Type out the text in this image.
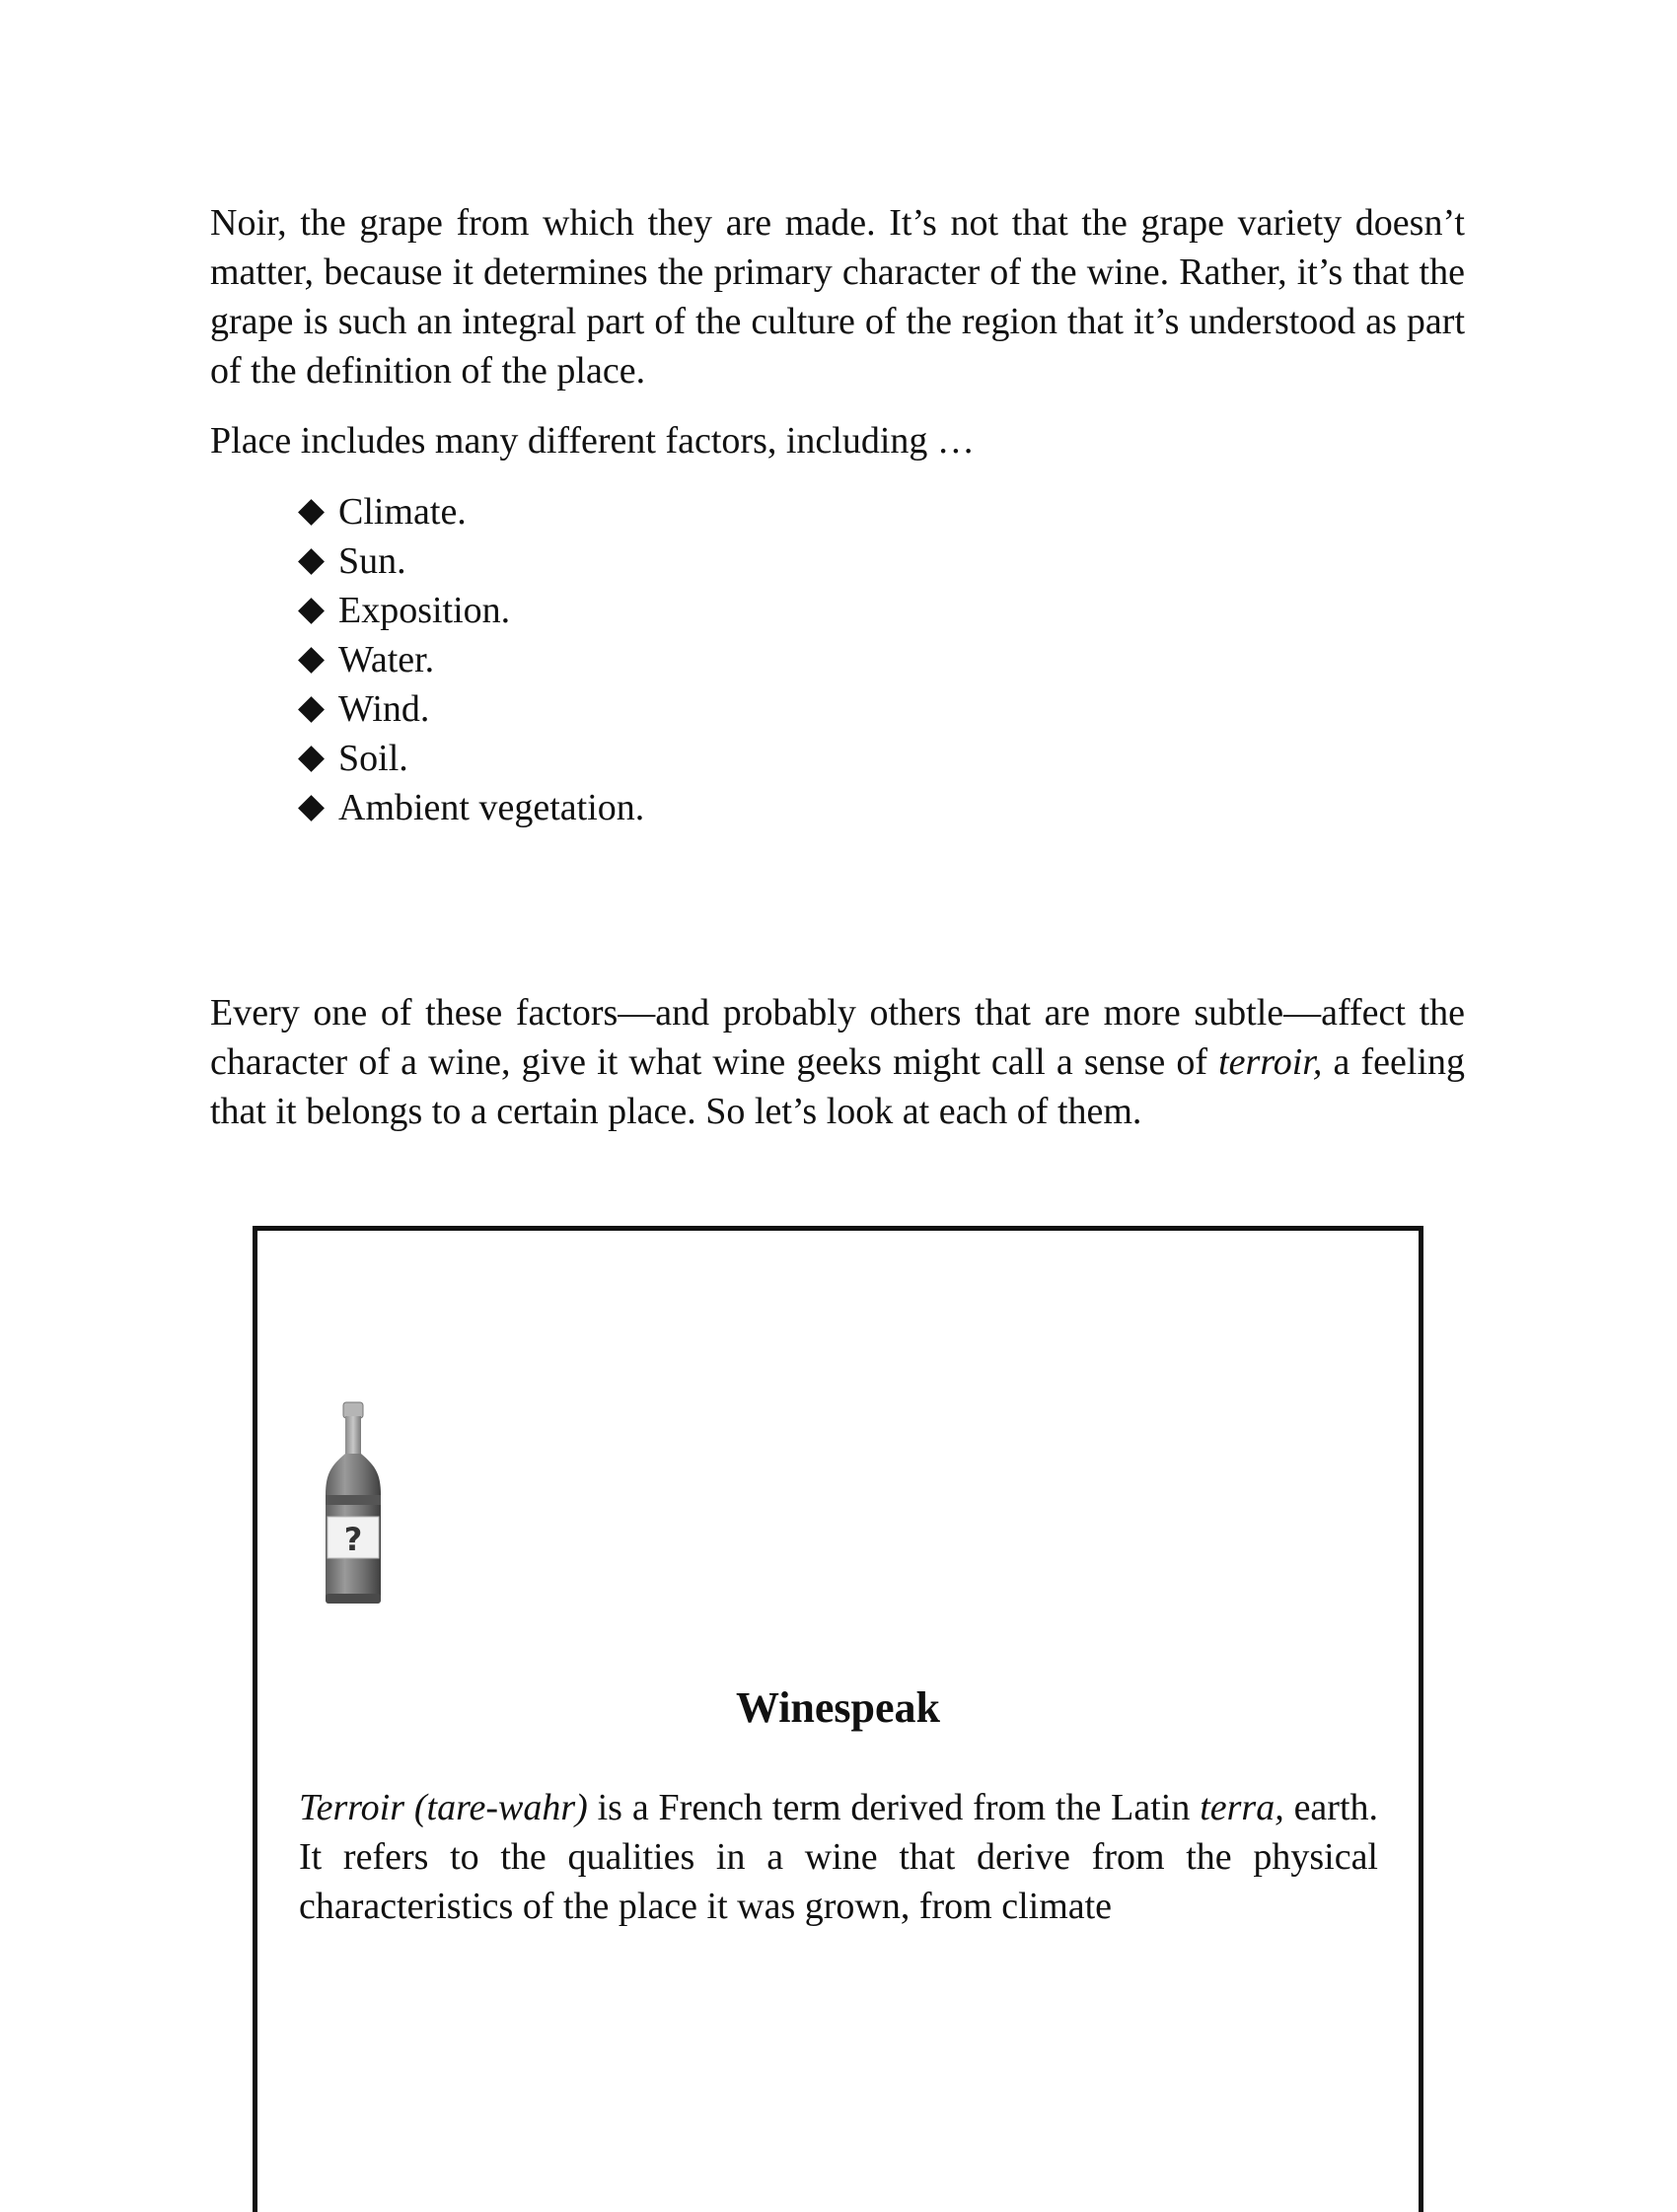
Noir, the grape from which they are made. It’s not that the grape variety doesn’t matter, because it determines the primary character of the wine. Rather, it’s that the grape is such an integral part of the culture of the region that it’s understood as part of the definition of the place.

Place includes many different factors, including …

Climate.
Sun.
Exposition.
Water.
Wind.
Soil.
Ambient vegetation.

Every one of these factors—and probably others that are more subtle—affect the character of a wine, give it what wine geeks might call a sense of terroir, a feeling that it belongs to a certain place. So let’s look at each of them.

?
Winespeak

Terroir (tare-wahr) is a French term derived from the Latin terra, earth. It refers to the qualities in a wine that derive from the physical characteristics of the place it was grown, from climate
